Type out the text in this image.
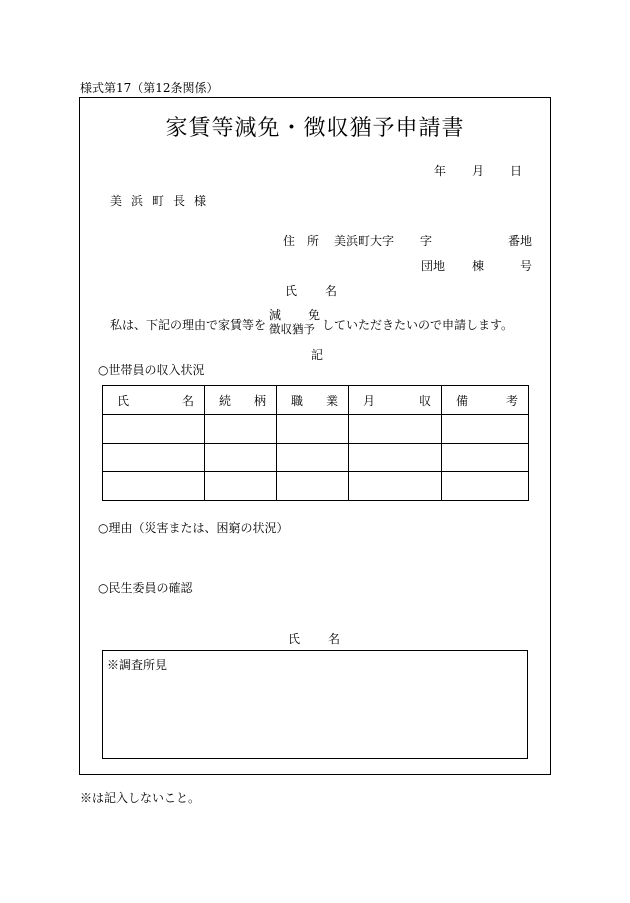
様式第17（第12条関係）
家賃等減免・徴収猶予申請書
年 月 日
美浜町長様
住　所 美浜町大字 字	番地
団地 棟	号
氏　名
私は、下記の理由で家賃等を
減 免
徴収猶予 していただきたいので申請します。
記
○世帯員の収入状況
氏 名	続 柄	職 業	月 収	備 考

○理由（災害または、困窮の状況）
○民生委員の確認
氏　名
※調査所見
※は記入しないこと。
